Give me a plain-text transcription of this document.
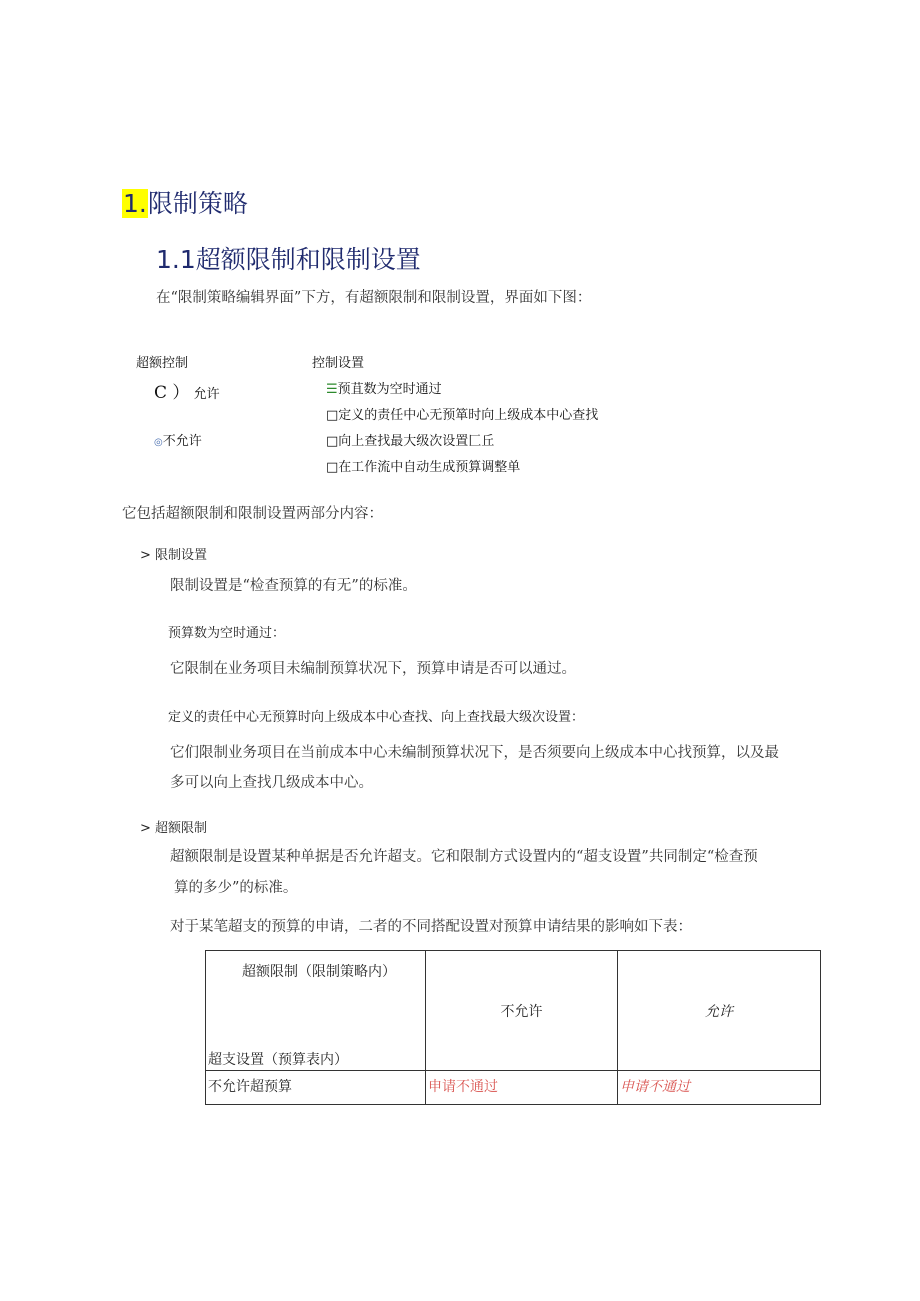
1.限制策略
1.1超额限制和限制设置
在“限制策略编辑界面”下方，有超额限制和限制设置，界面如下图：
超额控制
C ） 允许
◎不允许
控制设置
☰预苴数为空时通过
□定义的责任中心无预箪时向上级成本中心查找
□向上查找最大级次设置匚丘
□在工作流中自动生成预算调整单
它包括超额限制和限制设置两部分内容：
> 限制设置
限制设置是“检查预算的有无”的标准。
预算数为空时通过：
它限制在业务项目未编制预算状况下，预算申请是否可以通过。
定义的责任中心无预算时向上级成本中心查找、向上查找最大级次设置：
它们限制业务项目在当前成本中心未编制预算状况下，是否须要向上级成本中心找预算，以及最
多可以向上查找几级成本中心。
> 超额限制
超额限制是设置某种单据是否允许超支。它和限制方式设置内的“超支设置”共同制定“检查预
算的多少”的标准。
对于某笔超支的预算的申请，二者的不同搭配设置对预算申请结果的影响如下表：
超额限制（限制策略内）
超支设置（预算表内）	不允许	允许
不允许超预算	申请不通过	申请不通过
